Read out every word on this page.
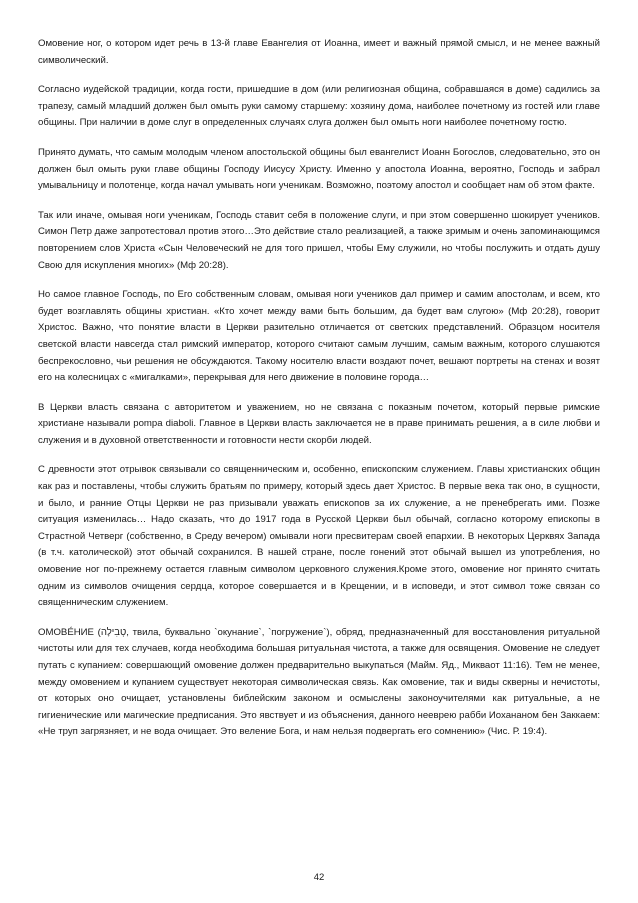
Омовение ног, о котором идет речь в 13-й главе Евангелия от Иоанна, имеет и важный прямой смысл, и не менее важный символический.

Согласно иудейской традиции, когда гости, пришедшие в дом (или религиозная община, собравшаяся в доме) садились за трапезу, самый младший должен был омыть руки самому старшему: хозяину дома, наиболее почетному из гостей или главе общины. При наличии в доме слуг в определенных случаях слуга должен был омыть ноги наиболее почетному гостю.

Принято думать, что самым молодым членом апостольской общины был евангелист Иоанн Богослов, следовательно, это он должен был омыть руки главе общины Господу Иисусу Христу. Именно у апостола Иоанна, вероятно, Господь и забрал умывальницу и полотенце, когда начал умывать ноги ученикам. Возможно, поэтому апостол и сообщает нам об этом факте.

Так или иначе, омывая ноги ученикам, Господь ставит себя в положение слуги, и при этом совершенно шокирует учеников. Симон Петр даже запротестовал против этого…Это действие стало реализацией, а также зримым и очень запоминающимся повторением слов Христа «Сын Человеческий не для того пришел, чтобы Ему служили, но чтобы послужить и отдать душу Свою для искупления многих» (Мф 20:28).

Но самое главное Господь, по Его собственным словам, омывая ноги учеников дал пример и самим апостолам, и всем, кто будет возглавлять общины христиан. «Кто хочет между вами быть большим, да будет вам слугою» (Мф 20:28), говорит Христос. Важно, что понятие власти в Церкви разительно отличается от светских представлений. Образцом носителя светской власти навсегда стал римский император, которого считают самым лучшим, самым важным, которого слушаются беспрекословно, чьи решения не обсуждаются. Такому носителю власти воздают почет, вешают портреты на стенах и возят его на колесницах с «мигалками», перекрывая для него движение в половине города…

В Церкви власть связана с авторитетом и уважением, но не связана с показным почетом, который первые римские христиане называли pompa diaboli. Главное в Церкви власть заключается не в праве принимать решения, а в силе любви и служения и в духовной ответственности и готовности нести скорби людей.

С древности этот отрывок связывали со священническим и, особенно, епископским служением. Главы христианских общин как раз и поставлены, чтобы служить братьям по примеру, который здесь дает Христос. В первые века так оно, в сущности, и было, и ранние Отцы Церкви не раз призывали уважать епископов за их служение, а не пренебрегать ими. Позже ситуация изменилась… Надо сказать, что до 1917 года в Русской Церкви был обычай, согласно которому епископы в Страстной Четверг (собственно, в Среду вечером) омывали ноги пресвитерам своей епархии. В некоторых Церквях Запада (в т.ч. католической) этот обычай сохранился. В нашей стране, после гонений этот обычай вышел из употребления, но омовение ног по-прежнему остается главным символом церковного служения.Кроме этого, омовение ног принято считать одним из символов очищения сердца, которое совершается и в Крещении, и в исповеди, и этот символ тоже связан со священническим служением.

ОМОВЕ́НИЕ (טְבִילָה, твила, буквально `окунание`, `погружение`), обряд, предназначенный для восстановления ритуальной чистоты или для тех случаев, когда необходима большая ритуальная чистота, а также для освящения. Омовение не следует путать с купанием: совершающий омовение должен предварительно выкупаться (Майм. Яд., Микваот 11:16). Тем не менее, между омовением и купанием существует некоторая символическая связь. Как омовение, так и виды скверны и нечистоты, от которых оно очищает, установлены библейским законом и осмыслены законоучителями как ритуальные, а не гигиенические или магические предписания. Это явствует и из объяснения, данного нееврею рабби Иохананом бен Заккаем: «Не труп загрязняет, и не вода очищает. Это веление Бога, и нам нельзя подвергать его сомнению» (Чис. Р. 19:4).

42
